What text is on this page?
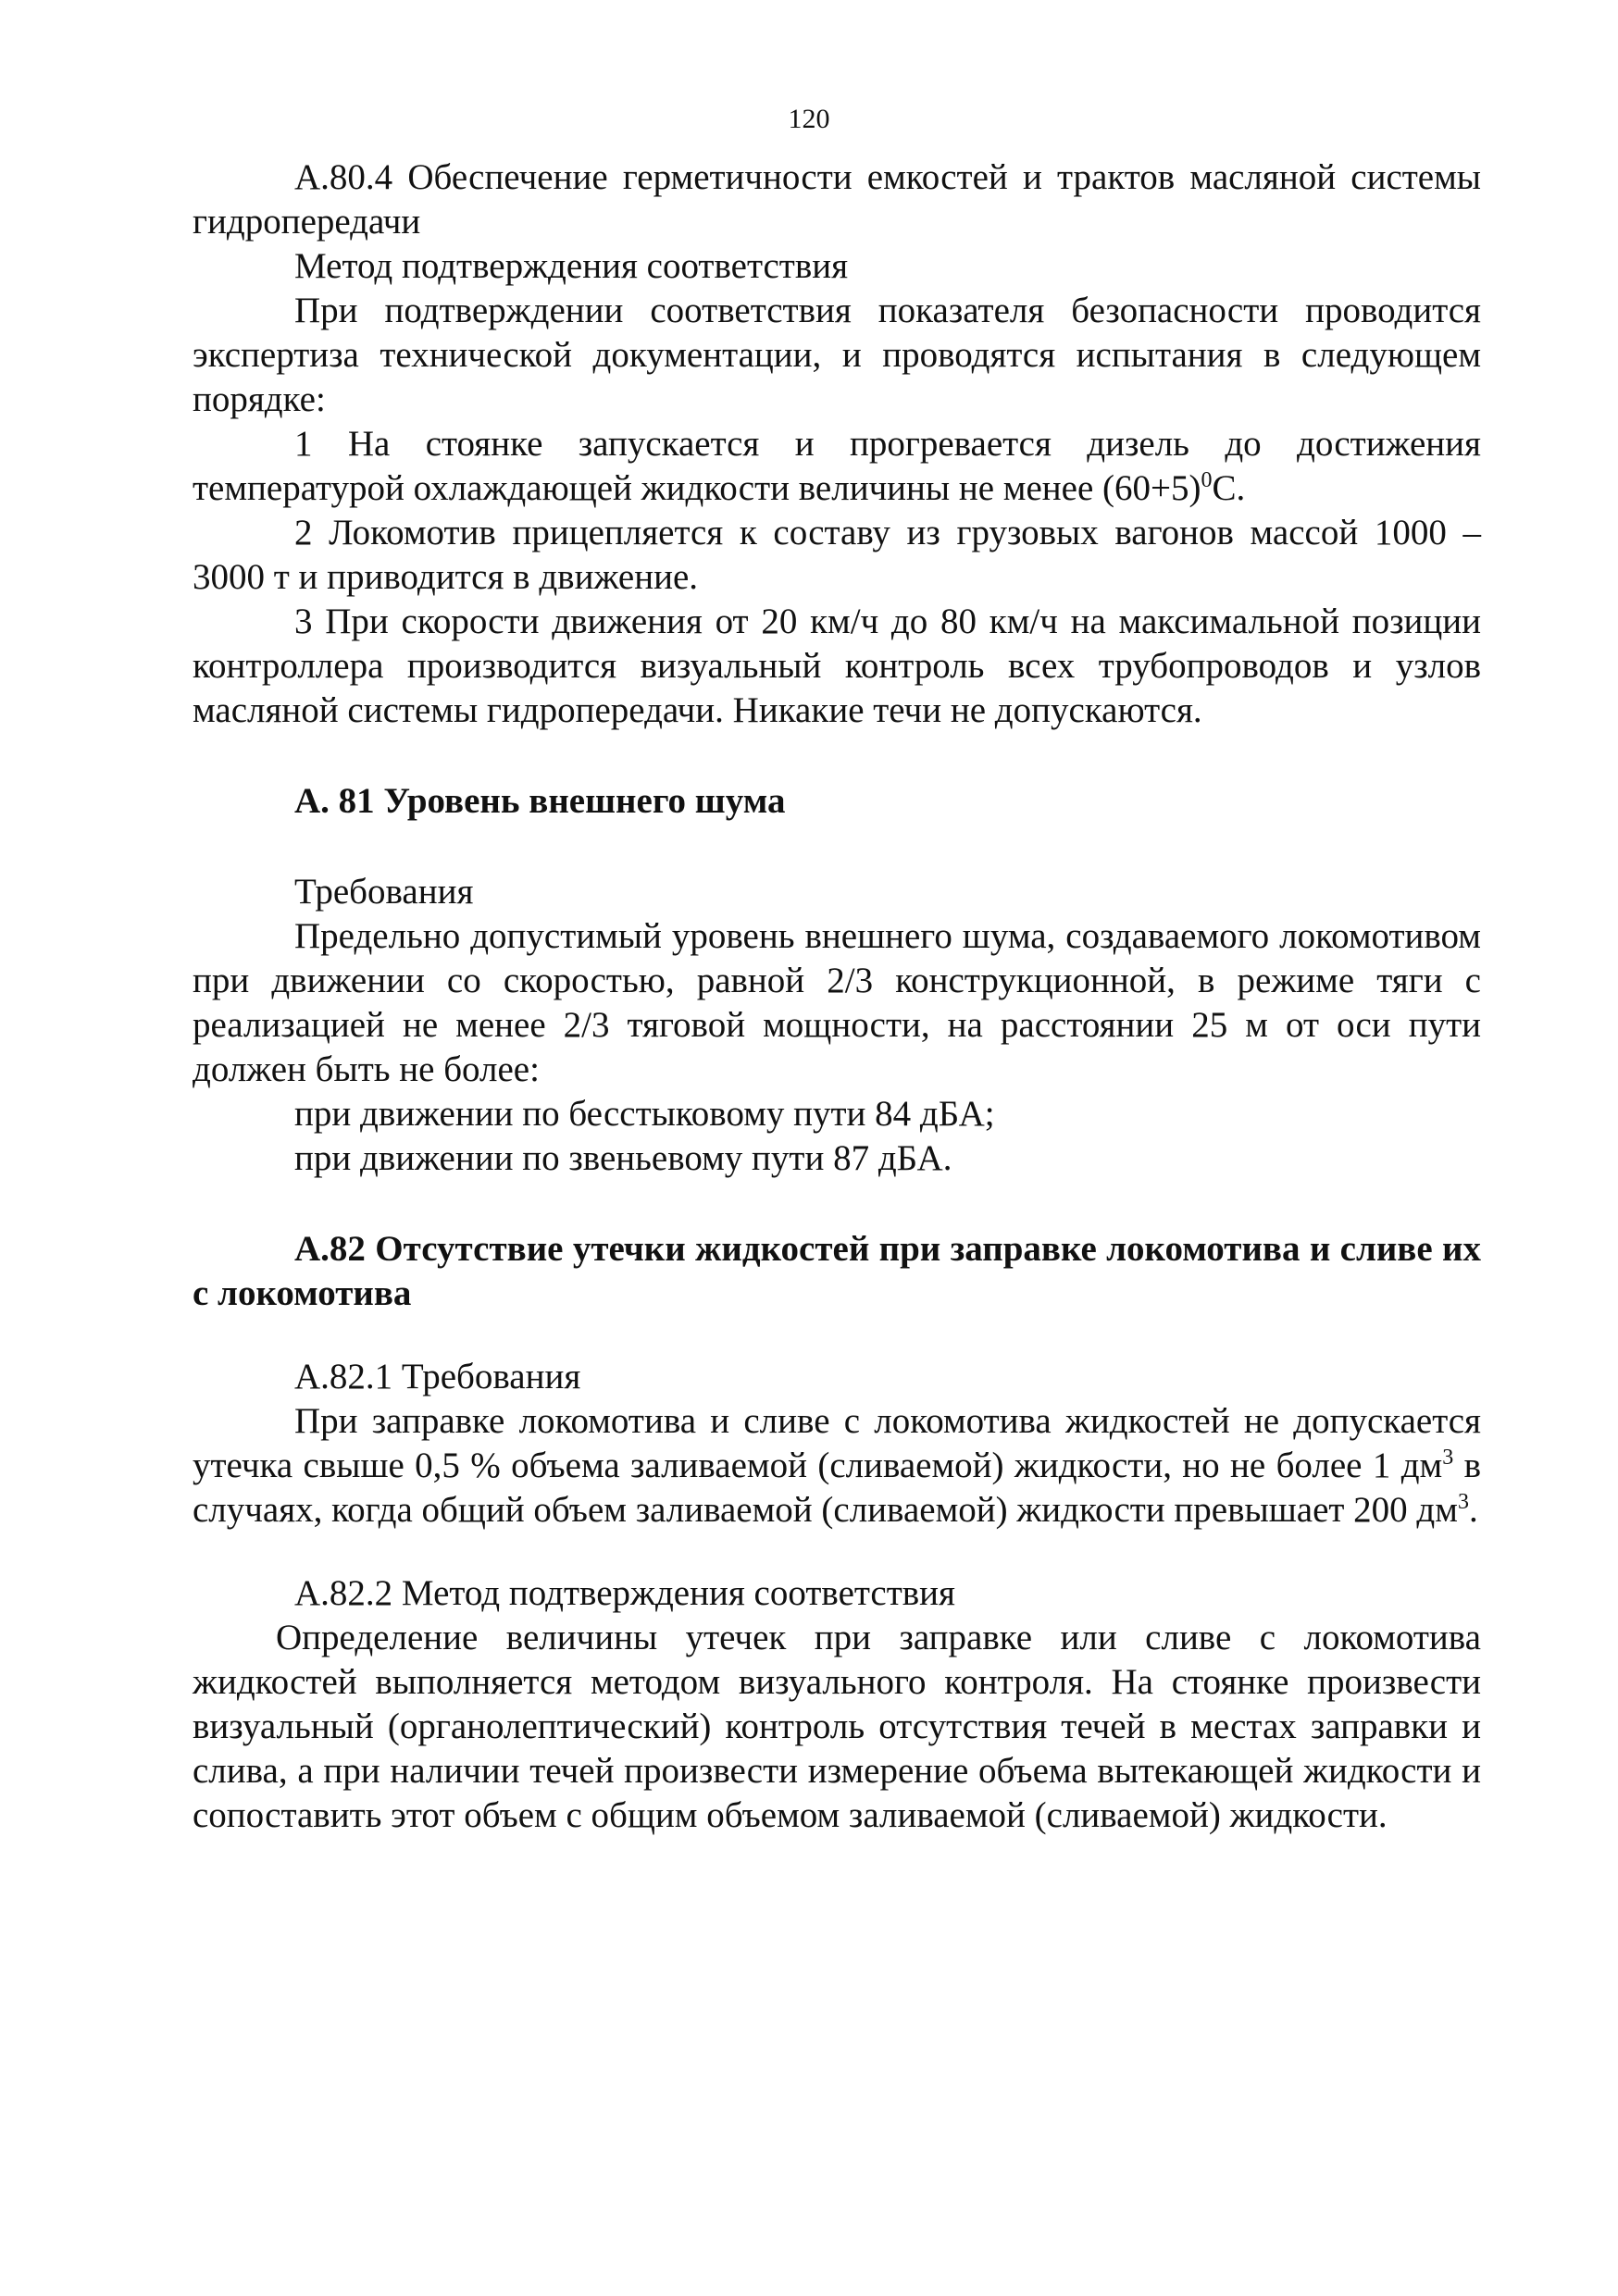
120

А.80.4 Обеспечение герметичности емкостей и трактов масляной системы гидропередачи

Метод подтверждения соответствия

При подтверждении соответствия показателя безопасности проводится экспертиза технической документации, и проводятся испытания в следующем порядке:

1 На стоянке запускается и прогревается дизель до достижения температурой охлаждающей жидкости величины не менее $(60+5)^0С$.

2 Локомотив прицепляется к составу из грузовых вагонов массой 1000 – 3000 т и приводится в движение.

3 При скорости движения от 20 км/ч до 80 км/ч на максимальной позиции контроллера производится визуальный контроль всех трубопроводов и узлов масляной системы гидропередачи. Никакие течи не допускаются.

А. 81 Уровень внешнего шума

Требования

Предельно допустимый уровень внешнего шума, создаваемого локомотивом при движении со скоростью, равной 2/3 конструкционной, в режиме тяги с реализацией не менее 2/3 тяговой мощности, на расстоянии 25 м от оси пути должен быть не более:

при движении по бесстыковому пути 84 дБА;

при движении по звеньевому пути 87 дБА.

А.82 Отсутствие утечки жидкостей при заправке локомотива и сливе их с локомотива

А.82.1 Требования

При заправке локомотива и сливе с локомотива жидкостей не допускается утечка свыше 0,5 % объема заливаемой (сливаемой) жидкости, но не более 1 $дм^3$ в случаях, когда общий объем заливаемой (сливаемой) жидкости превышает 200 $дм^3$.

А.82.2 Метод подтверждения соответствия

Определение величины утечек при заправке или сливе с локомотива жидкостей выполняется методом визуального контроля. На стоянке произвести визуальный (органолептический) контроль отсутствия течей в местах заправки и слива, а при наличии течей произвести измерение объема вытекающей жидкости и сопоставить этот объем с общим объемом заливаемой (сливаемой) жидкости.
